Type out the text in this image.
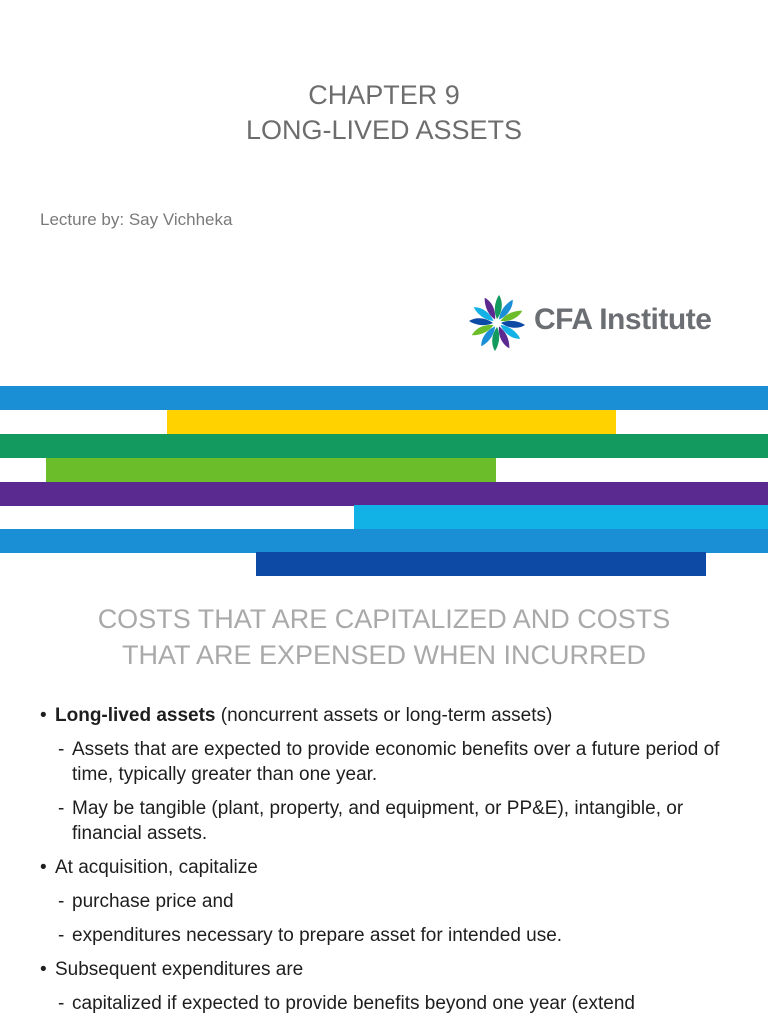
CHAPTER 9
LONG-LIVED ASSETS
Lecture by: Say Vichheka
CFA Institute
COSTS THAT ARE CAPITALIZED AND COSTS
THAT ARE EXPENSED WHEN INCURRED
• Long-lived assets (noncurrent assets or long-term assets)
- Assets that are expected to provide economic benefits over a future period of time, typically greater than one year.
- May be tangible (plant, property, and equipment, or PP&E), intangible, or financial assets.
• At acquisition, capitalize
- purchase price and
- expenditures necessary to prepare asset for intended use.
• Subsequent expenditures are
- capitalized if expected to provide benefits beyond one year (extend
